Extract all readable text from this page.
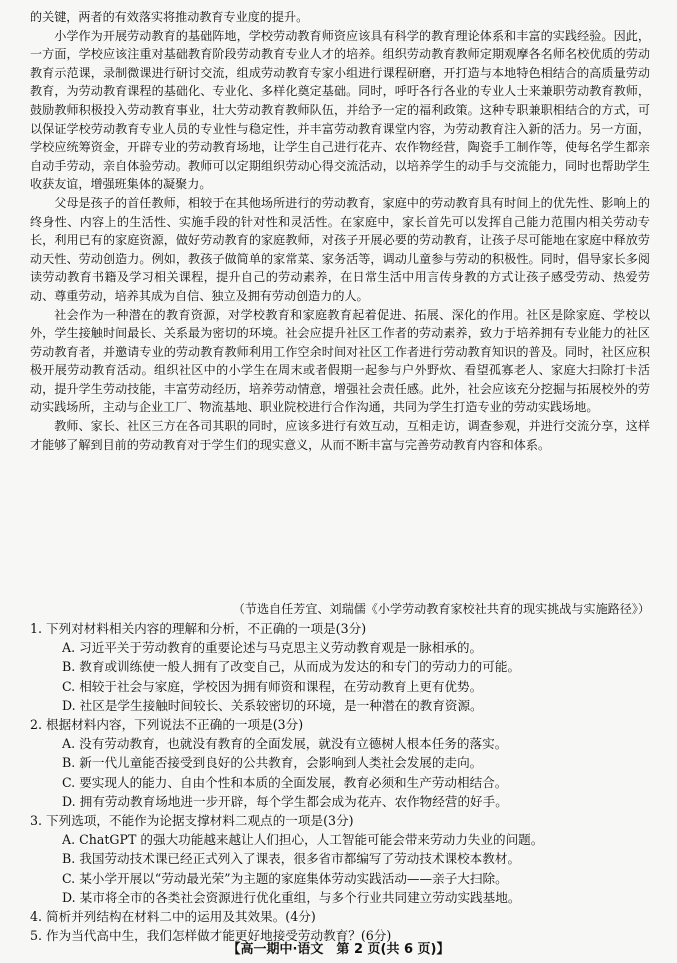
的关键，两者的有效落实将推动教育专业度的提升。

小学作为开展劳动教育的基础阵地，学校劳动教育师资应该具有科学的教育理论体系和丰富的实践经验。因此，一方面，学校应该注重对基础教育阶段劳动教育专业人才的培养。组织劳动教育教师定期观摩各名师名校优质的劳动教育示范课，录制微课进行研讨交流，组成劳动教育专家小组进行课程研磨，开打造与本地特色相结合的高质量劳动教育，为劳动教育课程的基础化、专业化、多样化奠定基础。同时，呼吁各行各业的专业人士来兼职劳动教育教师，鼓励教师积极投入劳动教育事业，壮大劳动教育教师队伍，并给予一定的福利政策。这种专职兼职相结合的方式，可以保证学校劳动教育专业人员的专业性与稳定性，并丰富劳动教育课堂内容，为劳动教育注入新的活力。另一方面，学校应统筹资金，开辟专业的劳动教育场地，让学生自己进行花卉、农作物经营，陶瓷手工制作等，使每名学生都亲自动手劳动，亲自体验劳动。教师可以定期组织劳动心得交流活动，以培养学生的动手与交流能力，同时也帮助学生收获友谊，增强班集体的凝聚力。

父母是孩子的首任教师，相较于在其他场所进行的劳动教育，家庭中的劳动教育具有时间上的优先性、影响上的终身性、内容上的生活性、实施手段的针对性和灵活性。在家庭中，家长首先可以发挥自己能力范围内相关劳动专长，利用已有的家庭资源，做好劳动教育的家庭教师，对孩子开展必要的劳动教育，让孩子尽可能地在家庭中释放劳动天性、劳动创造力。例如，教孩子做简单的家常菜、家务活等，调动儿童参与劳动的积极性。同时，倡导家长多阅读劳动教育书籍及学习相关课程，提升自己的劳动素养，在日常生活中用言传身教的方式让孩子感受劳动、热爱劳动、尊重劳动，培养其成为自信、独立及拥有劳动创造力的人。

社会作为一种潜在的教育资源，对学校教育和家庭教育起着促进、拓展、深化的作用。社区是除家庭、学校以外，学生接触时间最长、关系最为密切的环境。社会应提升社区工作者的劳动素养，致力于培养拥有专业能力的社区劳动教育者，并邀请专业的劳动教育教师利用工作空余时间对社区工作者进行劳动教育知识的普及。同时，社区应积极开展劳动教育活动。组织社区中的小学生在周末或者假期一起参与户外野炊、看望孤寡老人、家庭大扫除打卡活动，提升学生劳动技能，丰富劳动经历，培养劳动情意，增强社会责任感。此外，社会应该充分挖掘与拓展校外的劳动实践场所，主动与企业工厂、物流基地、职业院校进行合作沟通，共同为学生打造专业的劳动实践场地。

教师、家长、社区三方在各司其职的同时，应该多进行有效互动，互相走访，调查参观，并进行交流分享，这样才能够了解到目前的劳动教育对于学生们的现实意义，从而不断丰富与完善劳动教育内容和体系。

（节选自任芳宜、刘瑞儒《小学劳动教育家校社共育的现实挑战与实施路径》）

1. 下列对材料相关内容的理解和分析，不正确的一项是(3分)

A. 习近平关于劳动教育的重要论述与马克思主义劳动教育观是一脉相承的。

B. 教育或训练使一般人拥有了改变自己，从而成为发达的和专门的劳动力的可能。

C. 相较于社会与家庭，学校因为拥有师资和课程，在劳动教育上更有优势。

D. 社区是学生接触时间较长、关系较密切的环境，是一种潜在的教育资源。

2. 根据材料内容，下列说法不正确的一项是(3分)

A. 没有劳动教育，也就没有教育的全面发展，就没有立德树人根本任务的落实。

B. 新一代儿童能否接受到良好的公共教育，会影响到人类社会发展的走向。

C. 要实现人的能力、自由个性和本质的全面发展，教育必须和生产劳动相结合。

D. 拥有劳动教育场地进一步开辟，每个学生都会成为花卉、农作物经营的好手。

3. 下列选项，不能作为论据支撑材料二观点的一项是(3分)

A. ChatGPT 的强大功能越来越让人们担心，人工智能可能会带来劳动力失业的问题。

B. 我国劳动技术课已经正式列入了课表，很多省市都编写了劳动技术课校本教材。

C. 某小学开展以“劳动最光荣”为主题的家庭集体劳动实践活动——亲子大扫除。

D. 某市将全市的各类社会资源进行优化重组，与多个行业共同建立劳动实践基地。

4. 简析并列结构在材料二中的运用及其效果。(4分)

5. 作为当代高中生，我们怎样做才能更好地接受劳动教育？(6分)

【高一期中·语文　第 2 页(共 6 页)】
